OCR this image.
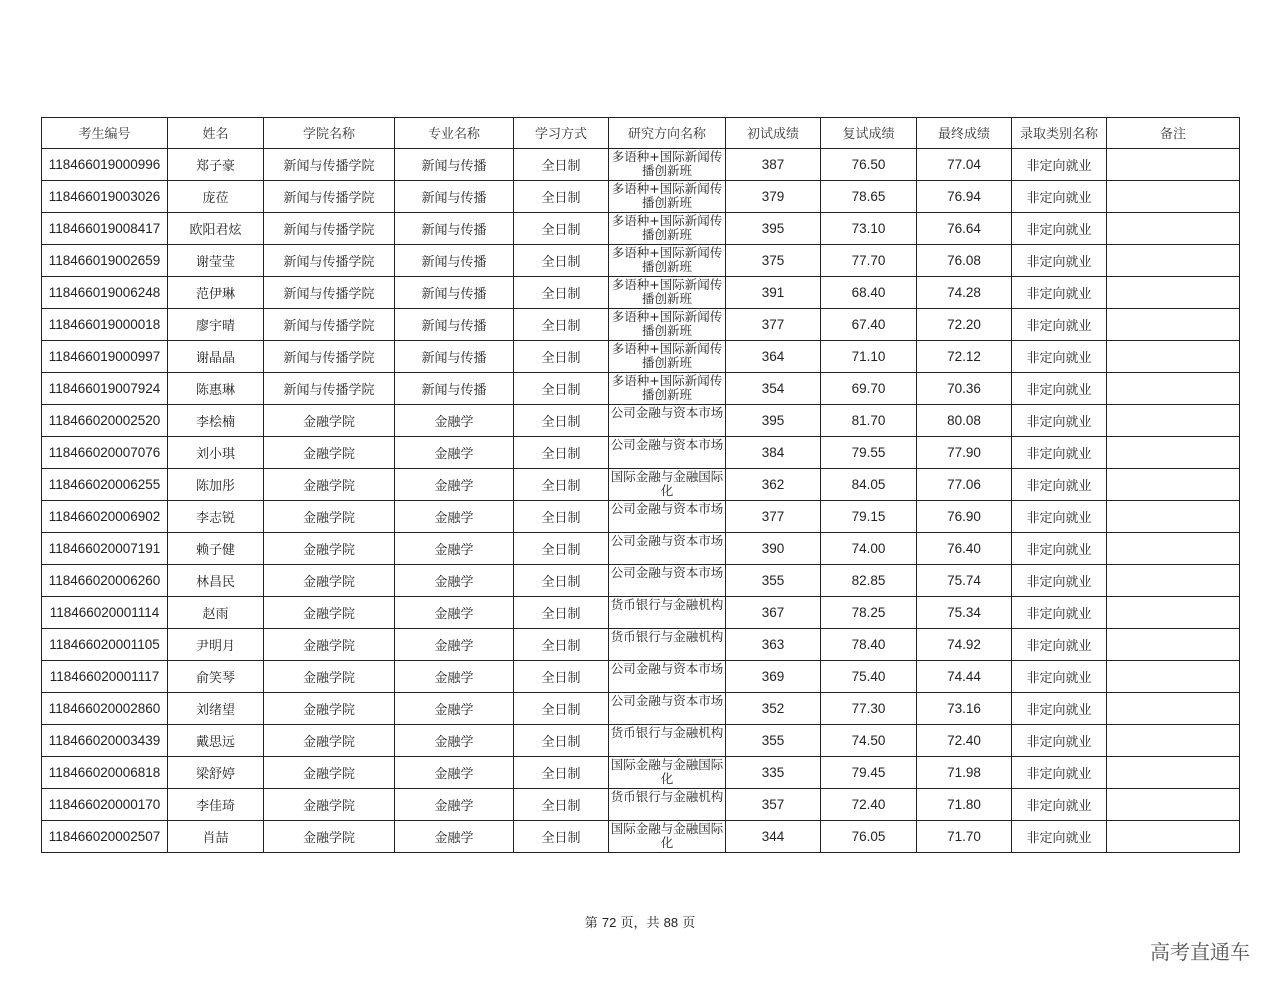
考生编号	姓名	学院名称	专业名称	学习方式	研究方向名称	初试成绩	复试成绩	最终成绩	录取类别名称	备注
118466019000996	郑子豪	新闻与传播学院	新闻与传播	全日制	多语种+国际新闻传播创新班	387	76.50	77.04	非定向就业	
118466019003026	庞莅	新闻与传播学院	新闻与传播	全日制	多语种+国际新闻传播创新班	379	78.65	76.94	非定向就业	
118466019008417	欧阳君炫	新闻与传播学院	新闻与传播	全日制	多语种+国际新闻传播创新班	395	73.10	76.64	非定向就业	
118466019002659	谢莹莹	新闻与传播学院	新闻与传播	全日制	多语种+国际新闻传播创新班	375	77.70	76.08	非定向就业	
118466019006248	范伊琳	新闻与传播学院	新闻与传播	全日制	多语种+国际新闻传播创新班	391	68.40	74.28	非定向就业	
118466019000018	廖宇晴	新闻与传播学院	新闻与传播	全日制	多语种+国际新闻传播创新班	377	67.40	72.20	非定向就业	
118466019000997	谢晶晶	新闻与传播学院	新闻与传播	全日制	多语种+国际新闻传播创新班	364	71.10	72.12	非定向就业	
118466019007924	陈惠琳	新闻与传播学院	新闻与传播	全日制	多语种+国际新闻传播创新班	354	69.70	70.36	非定向就业	
118466020002520	李桧楠	金融学院	金融学	全日制	公司金融与资本市场	395	81.70	80.08	非定向就业	
118466020007076	刘小琪	金融学院	金融学	全日制	公司金融与资本市场	384	79.55	77.90	非定向就业	
118466020006255	陈加彤	金融学院	金融学	全日制	国际金融与金融国际化	362	84.05	77.06	非定向就业	
118466020006902	李志锐	金融学院	金融学	全日制	公司金融与资本市场	377	79.15	76.90	非定向就业	
118466020007191	赖子健	金融学院	金融学	全日制	公司金融与资本市场	390	74.00	76.40	非定向就业	
118466020006260	林昌民	金融学院	金融学	全日制	公司金融与资本市场	355	82.85	75.74	非定向就业	
118466020001114	赵雨	金融学院	金融学	全日制	货币银行与金融机构	367	78.25	75.34	非定向就业	
118466020001105	尹明月	金融学院	金融学	全日制	货币银行与金融机构	363	78.40	74.92	非定向就业	
118466020001117	俞笑琴	金融学院	金融学	全日制	公司金融与资本市场	369	75.40	74.44	非定向就业	
118466020002860	刘绪望	金融学院	金融学	全日制	公司金融与资本市场	352	77.30	73.16	非定向就业	
118466020003439	戴思远	金融学院	金融学	全日制	货币银行与金融机构	355	74.50	72.40	非定向就业	
118466020006818	梁舒婷	金融学院	金融学	全日制	国际金融与金融国际化	335	79.45	71.98	非定向就业	
118466020000170	李佳琦	金融学院	金融学	全日制	货币银行与金融机构	357	72.40	71.80	非定向就业	
118466020002507	肖喆	金融学院	金融学	全日制	国际金融与金融国际化	344	76.05	71.70	非定向就业	
第 72 页，共 88 页
高考直通车
